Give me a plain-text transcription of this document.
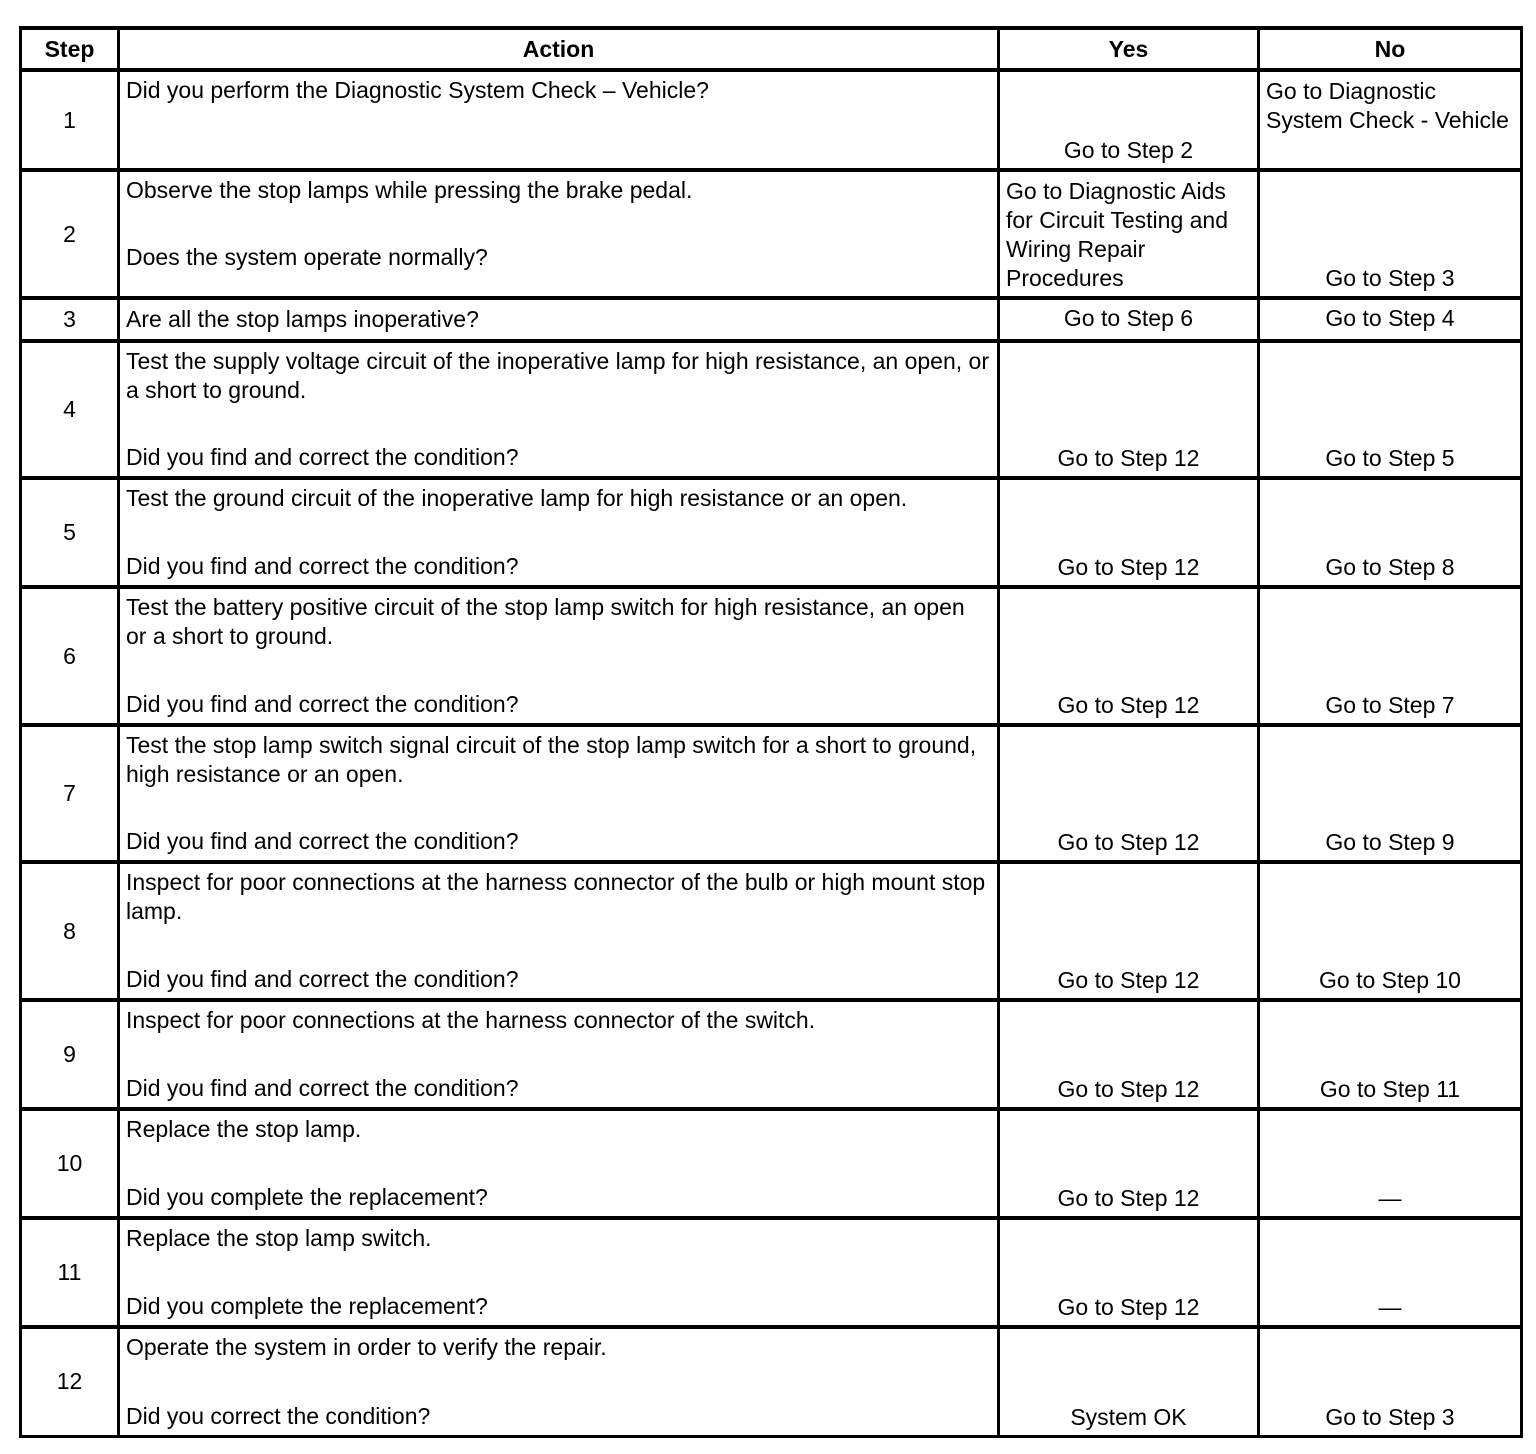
Step	Action	Yes	No
1	Did you perform the Diagnostic System Check – Vehicle?	Go to Step 2	Go to Diagnostic System Check - Vehicle
2	Observe the stop lamps while pressing the brake pedal.
Does the system operate normally?	Go to Diagnostic Aids for Circuit Testing and Wiring Repair Procedures	Go to Step 3
3	Are all the stop lamps inoperative?	Go to Step 6	Go to Step 4
4	Test the supply voltage circuit of the inoperative lamp for high resistance, an open, or a short to ground.
Did you find and correct the condition?	Go to Step 12	Go to Step 5
5	Test the ground circuit of the inoperative lamp for high resistance or an open.
Did you find and correct the condition?	Go to Step 12	Go to Step 8
6	Test the battery positive circuit of the stop lamp switch for high resistance, an open or a short to ground.
Did you find and correct the condition?	Go to Step 12	Go to Step 7
7	Test the stop lamp switch signal circuit of the stop lamp switch for a short to ground, high resistance or an open.
Did you find and correct the condition?	Go to Step 12	Go to Step 9
8	Inspect for poor connections at the harness connector of the bulb or high mount stop lamp.
Did you find and correct the condition?	Go to Step 12	Go to Step 10
9	Inspect for poor connections at the harness connector of the switch.
Did you find and correct the condition?	Go to Step 12	Go to Step 11
10	Replace the stop lamp.
Did you complete the replacement?	Go to Step 12	—
11	Replace the stop lamp switch.
Did you complete the replacement?	Go to Step 12	—
12	Operate the system in order to verify the repair.
Did you correct the condition?	System OK	Go to Step 3
